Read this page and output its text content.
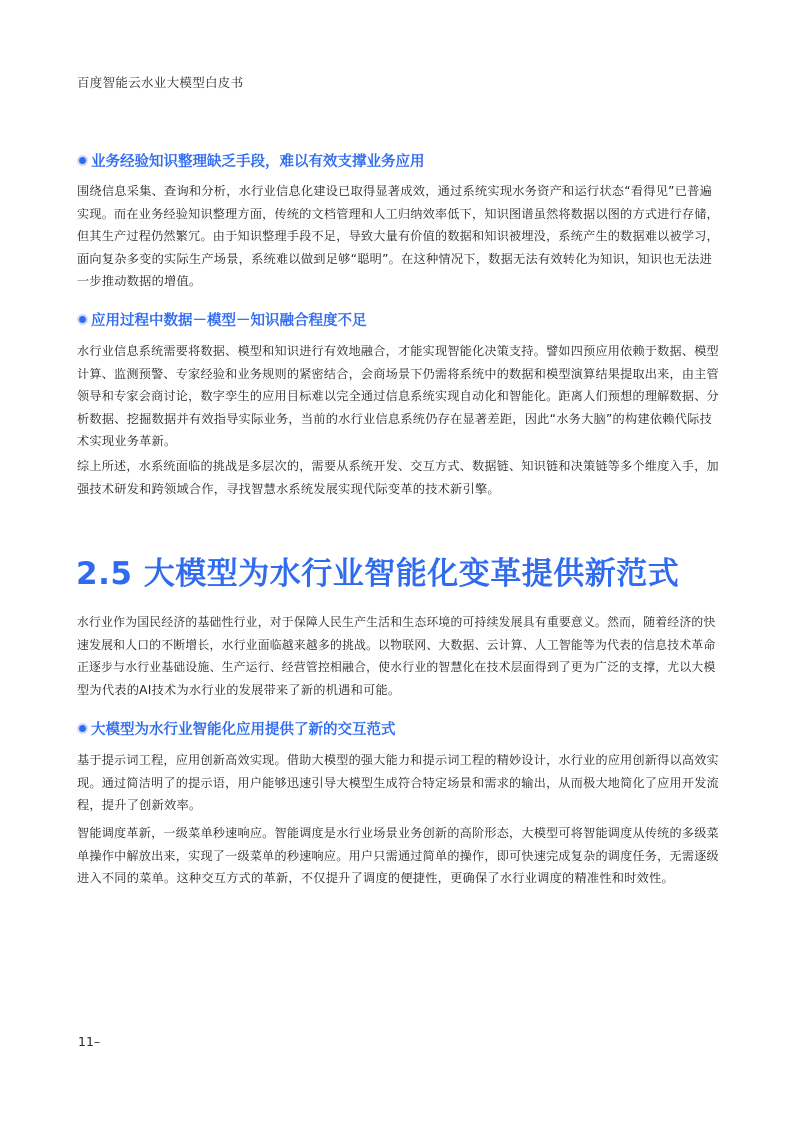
百度智能云水业大模型白皮书
业务经验知识整理缺乏手段，难以有效支撑业务应用
围绕信息采集、查询和分析，水行业信息化建设已取得显著成效，通过系统实现水务资产和运行状态“看得见”已普遍
实现。而在业务经验知识整理方面，传统的文档管理和人工归纳效率低下，知识图谱虽然将数据以图的方式进行存储，
但其生产过程仍然繁冗。由于知识整理手段不足，导致大量有价值的数据和知识被埋没，系统产生的数据难以被学习，
面向复杂多变的实际生产场景，系统难以做到足够“聪明”。在这种情况下，数据无法有效转化为知识，知识也无法进
一步推动数据的增值。
应用过程中数据－模型－知识融合程度不足
水行业信息系统需要将数据、模型和知识进行有效地融合，才能实现智能化决策支持。譬如四预应用依赖于数据、模型
计算、监测预警、专家经验和业务规则的紧密结合，会商场景下仍需将系统中的数据和模型演算结果提取出来，由主管
领导和专家会商讨论，数字孪生的应用目标难以完全通过信息系统实现自动化和智能化。距离人们预想的理解数据、分
析数据、挖掘数据并有效指导实际业务，当前的水行业信息系统仍存在显著差距，因此“水务大脑”的构建依赖代际技
术实现业务革新。
综上所述，水系统面临的挑战是多层次的，需要从系统开发、交互方式、数据链、知识链和决策链等多个维度入手，加
强技术研发和跨领域合作，寻找智慧水系统发展实现代际变革的技术新引擎。
2.5 大模型为水行业智能化变革提供新范式
水行业作为国民经济的基础性行业，对于保障人民生产生活和生态环境的可持续发展具有重要意义。然而，随着经济的快
速发展和人口的不断增长，水行业面临越来越多的挑战。以物联网、大数据、云计算、人工智能等为代表的信息技术革命
正逐步与水行业基础设施、生产运行、经营管控相融合，使水行业的智慧化在技术层面得到了更为广泛的支撑，尤以大模
型为代表的AI技术为水行业的发展带来了新的机遇和可能。
大模型为水行业智能化应用提供了新的交互范式
基于提示词工程，应用创新高效实现。借助大模型的强大能力和提示词工程的精妙设计，水行业的应用创新得以高效实
现。通过简洁明了的提示语，用户能够迅速引导大模型生成符合特定场景和需求的输出，从而极大地简化了应用开发流
程，提升了创新效率。
智能调度革新，一级菜单秒速响应。智能调度是水行业场景业务创新的高阶形态，大模型可将智能调度从传统的多级菜
单操作中解放出来，实现了一级菜单的秒速响应。用户只需通过简单的操作，即可快速完成复杂的调度任务，无需逐级
进入不同的菜单。这种交互方式的革新，不仅提升了调度的便捷性，更确保了水行业调度的精准性和时效性。
11–
